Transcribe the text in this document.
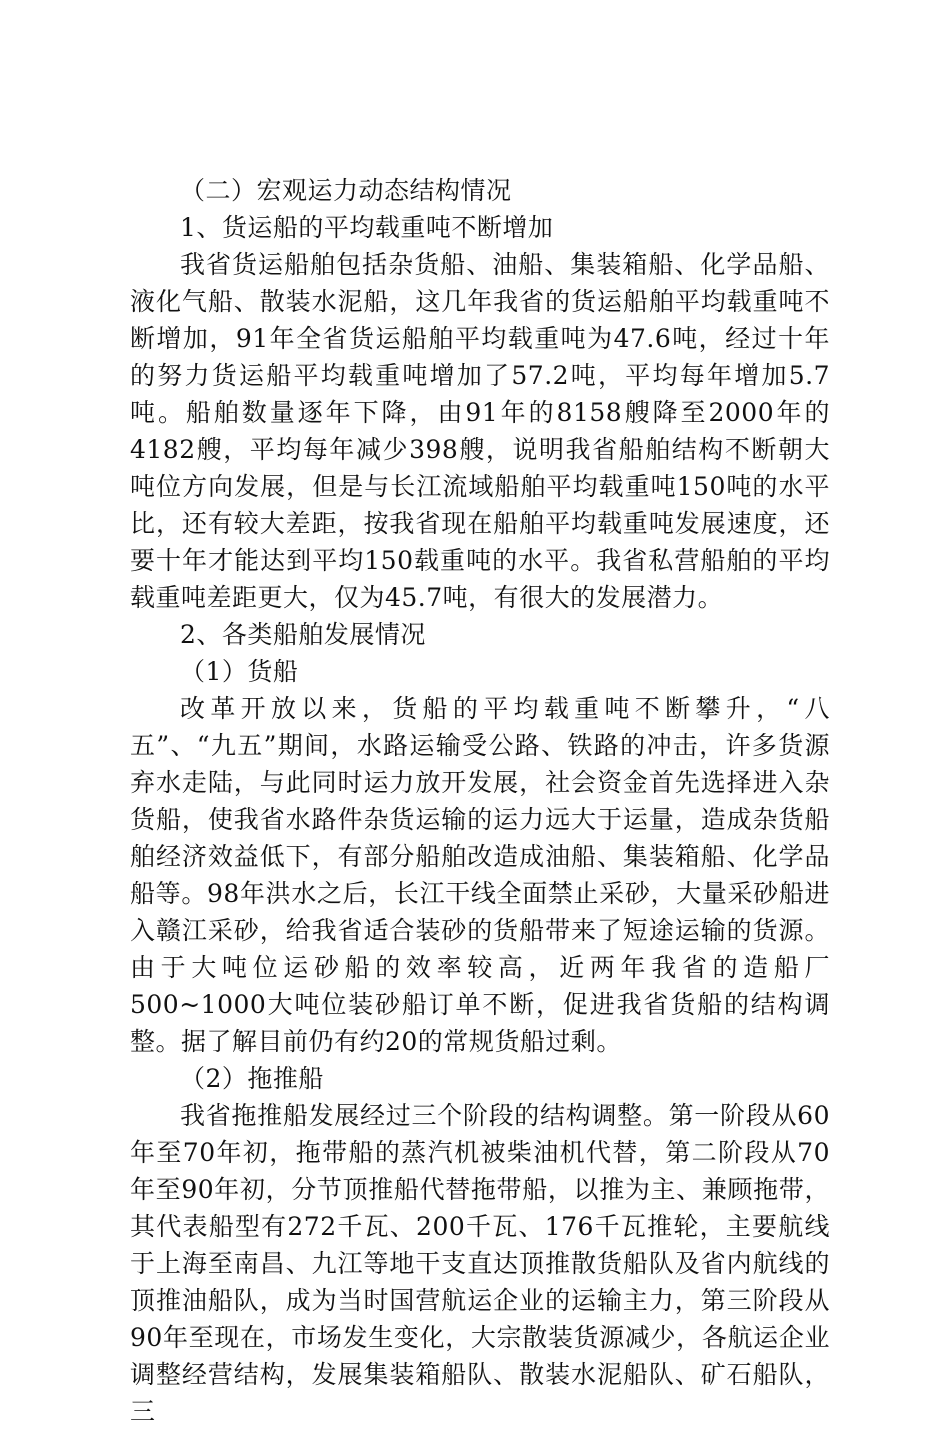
（二）宏观运力动态结构情况

1、货运船的平均载重吨不断增加

我省货运船舶包括杂货船、油船、集装箱船、化学品船、液化气船、散装水泥船，这几年我省的货运船舶平均载重吨不断增加，91年全省货运船舶平均载重吨为47.6吨，经过十年的努力货运船平均载重吨增加了57.2吨，平均每年增加5.7吨。船舶数量逐年下降，由91年的8158艘降至2000年的4182艘，平均每年减少398艘，说明我省船舶结构不断朝大吨位方向发展，但是与长江流域船舶平均载重吨150吨的水平比，还有较大差距，按我省现在船舶平均载重吨发展速度，还要十年才能达到平均150载重吨的水平。我省私营船舶的平均载重吨差距更大，仅为45.7吨，有很大的发展潜力。

2、各类船舶发展情况

（1）货船

改革开放以来，货船的平均载重吨不断攀升，“八五”、“九五”期间，水路运输受公路、铁路的冲击，许多货源弃水走陆，与此同时运力放开发展，社会资金首先选择进入杂货船，使我省水路件杂货运输的运力远大于运量，造成杂货船舶经济效益低下，有部分船舶改造成油船、集装箱船、化学品船等。98年洪水之后，长江干线全面禁止采砂，大量采砂船进入赣江采砂，给我省适合装砂的货船带来了短途运输的货源。由于大吨位运砂船的效率较高，近两年我省的造船厂500~1000大吨位装砂船订单不断，促进我省货船的结构调整。据了解目前仍有约20的常规货船过剩。

（2）拖推船

我省拖推船发展经过三个阶段的结构调整。第一阶段从60年至70年初，拖带船的蒸汽机被柴油机代替，第二阶段从70年至90年初，分节顶推船代替拖带船，以推为主、兼顾拖带，其代表船型有272千瓦、200千瓦、176千瓦推轮，主要航线于上海至南昌、九江等地干支直达顶推散货船队及省内航线的顶推油船队，成为当时国营航运企业的运输主力，第三阶段从90年至现在，市场发生变化，大宗散装货源减少，各航运企业调整经营结构，发展集装箱船队、散装水泥船队、矿石船队，三
